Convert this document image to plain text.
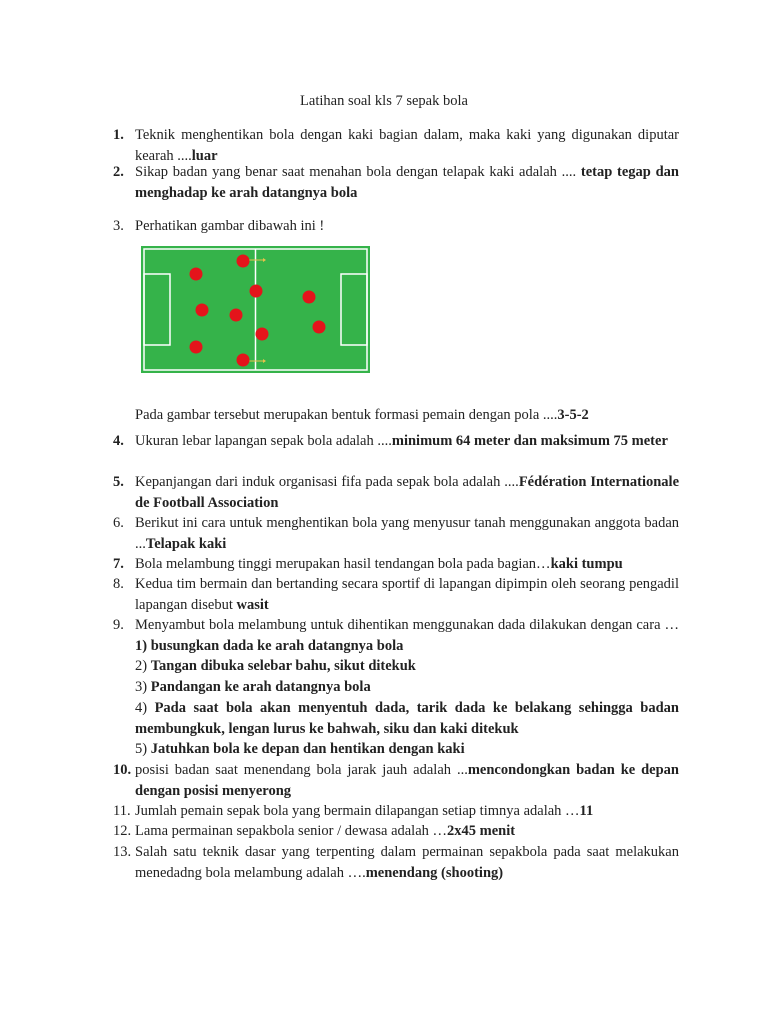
Latihan soal kls 7 sepak bola
1. Teknik menghentikan bola dengan kaki bagian dalam, maka kaki yang digunakan diputar kearah ....luar
2. Sikap badan yang benar saat menahan bola dengan telapak kaki adalah .... tetap tegap dan menghadap ke arah datangnya bola
3. Perhatikan gambar dibawah ini !
Pada gambar tersebut merupakan bentuk formasi pemain dengan pola ....3-5-2
4. Ukuran lebar lapangan sepak bola adalah ....minimum 64 meter dan maksimum 75 meter
5. Kepanjangan dari induk organisasi fifa pada sepak bola adalah ....Fédération Internationale de Football Association
6. Berikut ini cara untuk menghentikan bola yang menyusur tanah menggunakan anggota badan ...Telapak kaki
7. Bola melambung tinggi merupakan hasil tendangan bola pada bagian…kaki tumpu
8. Kedua tim bermain dan bertanding secara sportif di lapangan dipimpin oleh seorang pengadil lapangan disebut wasit
9. Menyambut bola melambung untuk dihentikan menggunakan dada dilakukan dengan cara …1) busungkan dada ke arah datangnya bola
2) Tangan dibuka selebar bahu, sikut ditekuk
3) Pandangan ke arah datangnya bola
4) Pada saat bola akan menyentuh dada, tarik dada ke belakang sehingga badan membungkuk, lengan lurus ke bahwah, siku dan kaki ditekuk
5) Jatuhkan bola ke depan dan hentikan dengan kaki
10. posisi badan saat menendang bola jarak jauh adalah ...mencondongkan badan ke depan dengan posisi menyerong
11. Jumlah pemain sepak bola yang bermain dilapangan setiap timnya adalah …11
12. Lama permainan sepakbola senior / dewasa adalah …2x45 menit
13. Salah satu teknik dasar yang terpenting dalam permainan sepakbola pada saat melakukan menedadng bola melambung adalah ….menendang (shooting)
